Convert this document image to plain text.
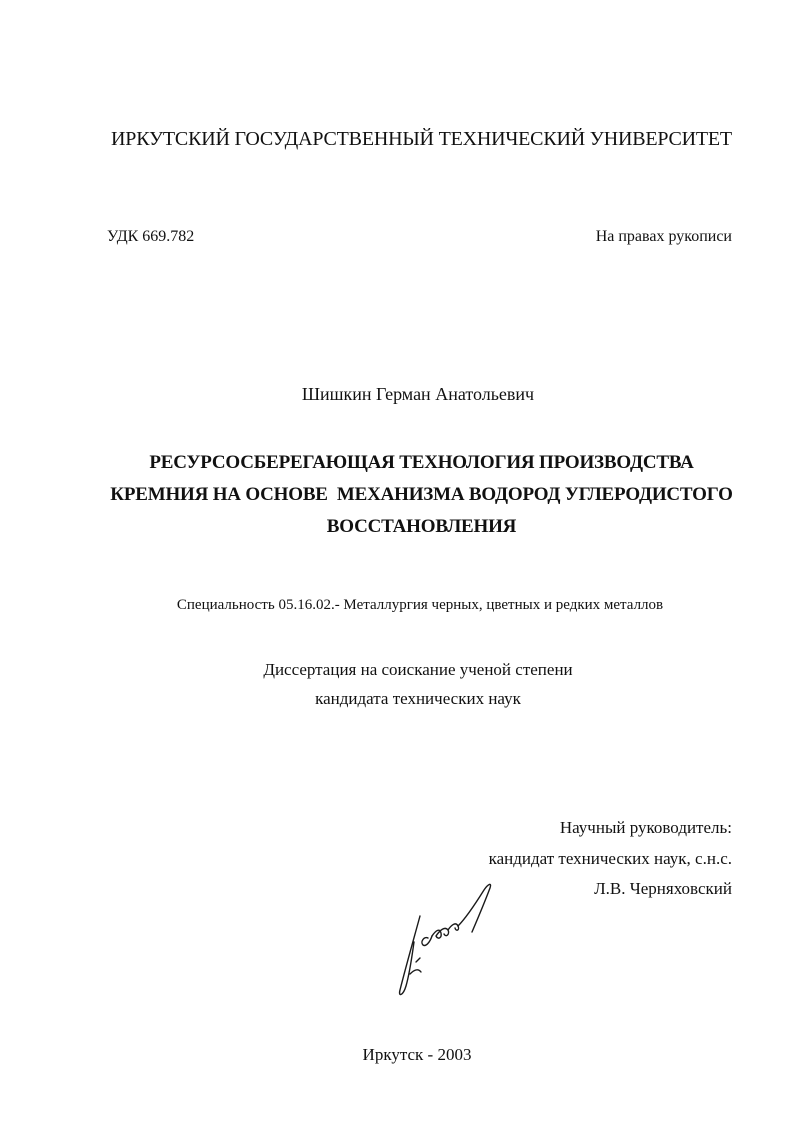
ИРКУТСКИЙ ГОСУДАРСТВЕННЫЙ ТЕХНИЧЕСКИЙ УНИВЕРСИТЕТ
УДК 669.782	На правах рукописи
Шишкин Герман Анатольевич
РЕСУРСОСБЕРЕГАЮЩАЯ ТЕХНОЛОГИЯ ПРОИЗВОДСТВА
КРЕМНИЯ НА ОСНОВЕ  МЕХАНИЗМА ВОДОРОД УГЛЕРОДИСТОГО
ВОССТАНОВЛЕНИЯ
Специальность 05.16.02.- Металлургия черных, цветных и редких металлов
Диссертация на соискание ученой степени
кандидата технических наук
Научный руководитель:
кандидат технических наук, с.н.с.
Л.В. Черняховский
Иркутск - 2003
